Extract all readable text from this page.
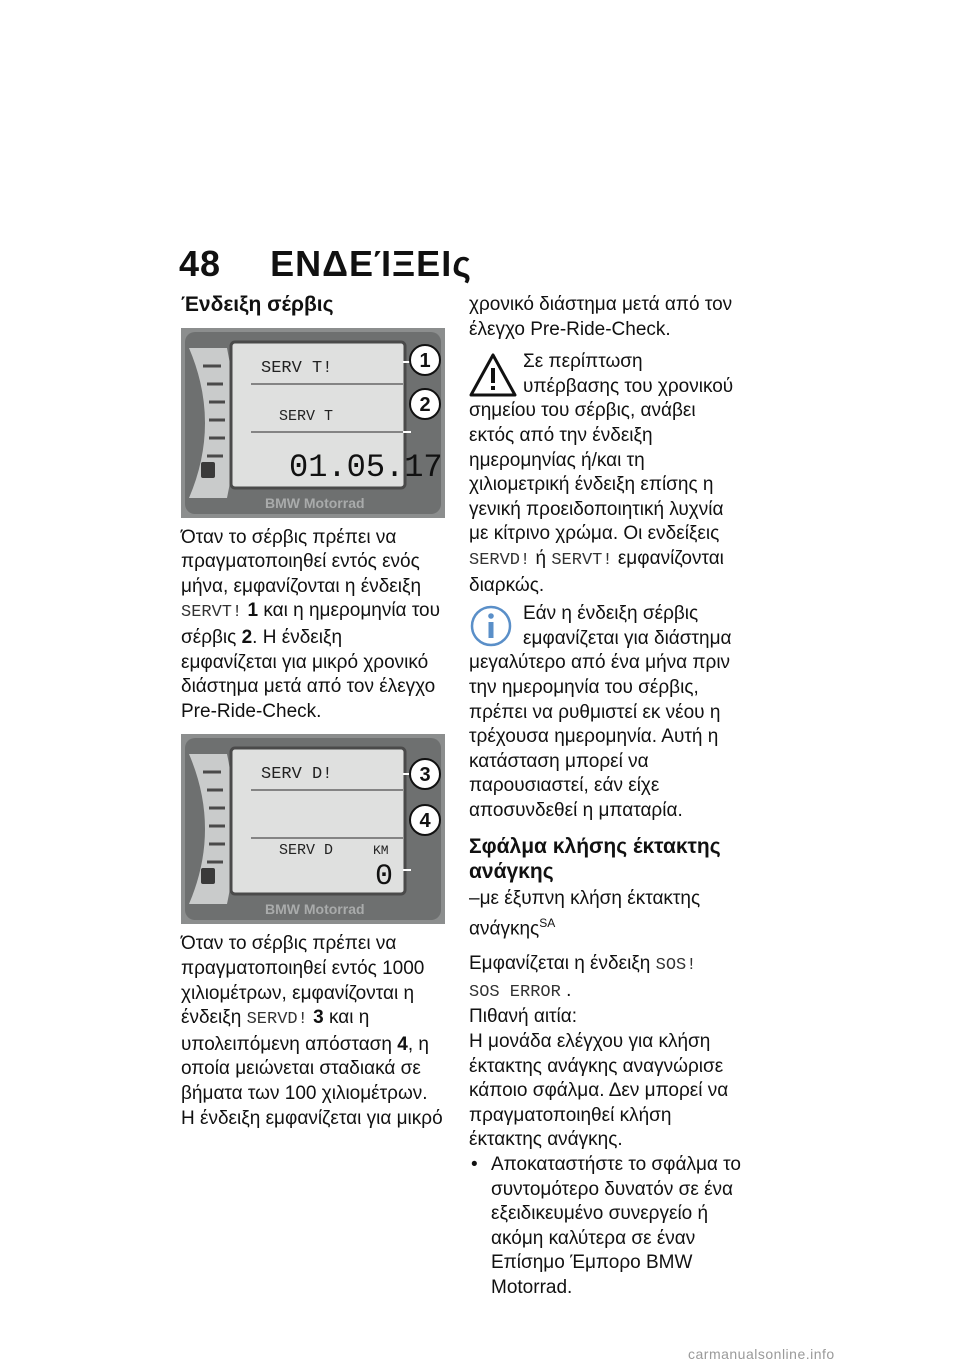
48 ΕΝΔΕΊΞΕΙς
Ένδειξη σέρβις
SERV T!
SERV T
01.05.17
BMW Motorrad
1
2

Όταν το σέρβις πρέπει να πραγματοποιηθεί εντός ενός μήνα, εμφανίζονται η ένδειξη SERVT! 1 και η ημερομηνία του σέρβις 2. Η ένδειξη εμφανίζεται για μικρό χρονικό διάστημα μετά από τον έλεγχο Pre-Ride-Check.

SERV D!
SERV D	KM
0
BMW Motorrad
3
4

Όταν το σέρβις πρέπει να πραγματοποιηθεί εντός 1000 χιλιομέτρων, εμφανίζονται η ένδειξη SERVD! 3 και η υπολειπόμενη απόσταση 4, η οποία μειώνεται σταδιακά σε βήματα των 100 χιλιομέτρων. Η ένδειξη εμφανίζεται για μικρό

χρονικό διάστημα μετά από τον έλεγχο Pre-Ride-Check.

Σε περίπτωση υπέρβασης του χρονικού σημείου του σέρβις, ανάβει εκτός από την ένδειξη ημερομηνίας ή/και τη χιλιομετρική ένδειξη επίσης η γενική προειδοποιητική λυχνία με κίτρινο χρώμα. Οι ενδείξεις SERVD! ή SERVT! εμφανίζονται διαρκώς.

Εάν η ένδειξη σέρβις εμφανίζεται για διάστημα μεγαλύτερο από ένα μήνα πριν την ημερομηνία του σέρβις, πρέπει να ρυθμιστεί εκ νέου η τρέχουσα ημερομηνία. Αυτή η κατάσταση μπορεί να παρουσιαστεί, εάν είχε αποσυνδεθεί η μπαταρία.

Σφάλμα κλήσης έκτακτης ανάγκης

–με έξυπνη κλήση έκτακτης ανάγκης$^{SA}$

Εμφανίζεται η ένδειξη SOS!
SOS ERROR .

Πιθανή αιτία:

Η μονάδα ελέγχου για κλήση έκτακτης ανάγκης αναγνώρισε κάποιο σφάλμα. Δεν μπορεί να πραγματοποιηθεί κλήση έκτακτης ανάγκης.

• Αποκαταστήστε το σφάλμα το συντομότερο δυνατόν σε ένα εξειδικευμένο συνεργείο ή ακόμη καλύτερα σε έναν Επίσημο Έμπορο BMW Motorrad.

carmanualsonline.info
